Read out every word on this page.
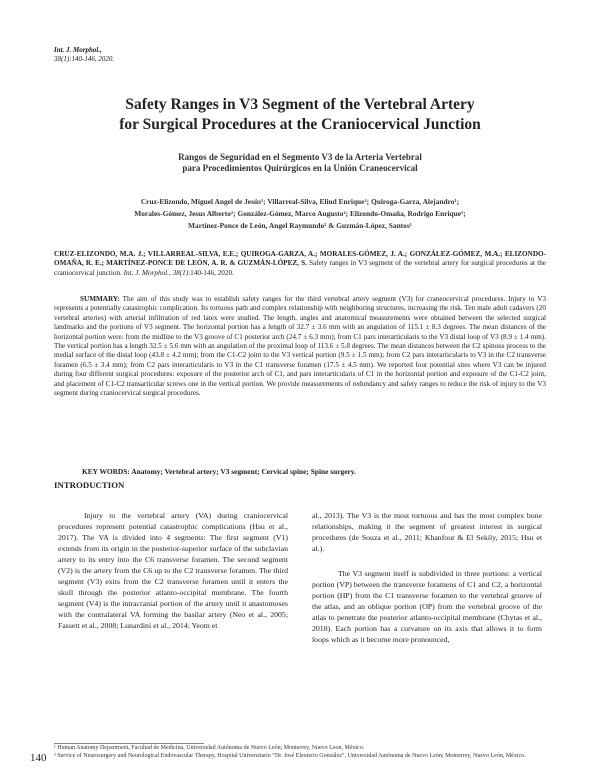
Int. J. Morphol.,
38(1):140-146, 2020.
Safety Ranges in V3 Segment of the Vertebral Artery
for Surgical Procedures at the Craniocervical Junction
Rangos de Seguridad en el Segmento V3 de la Arteria Vertebral
para Procedimientos Quirúrgicos en la Unión Craneocervical
Cruz-Elizondo, Miguel Angel de Jesús¹; Villarreal-Silva, Eliud Enrique²; Quiroga-Garza, Alejandro¹;
Morales-Gómez, Jesus Alberto²; González-Gómez, Marco Augusto²; Elizondo-Omaña, Rodrigo Enrique¹;
Martínez-Ponce de León, Angel Raymundo² & Guzmán-López, Santos¹
CRUZ-ELIZONDO, M.A. J.; VILLARREAL-SILVA, E.E.; QUIROGA-GARZA, A.; MORALES-GÓMEZ, J. A.; GONZÁLEZ-GÓMEZ, M.A.; ELIZONDO-OMAÑA, R. E.; MARTÍNEZ-PONCE DE LEÓN, A. R. & GUZMÁN-LÓPEZ, S. Safety ranges in V3 segment of the vertebral artery for surgical procedures at the craniocervical junction. Int. J. Morphol., 38(1):140-146, 2020.
SUMMARY: The aim of this study was to establish safety ranges for the third vertebral artery segment (V3) for craneocervical procedures. Injury to V3 represents a potentially catastrophic complication. Its tortuous path and complex relationship with neighboring structures, increasing the risk. Ten male adult cadavers (20 vertebral arteries) with arterial infiltration of red latex were studied. The length, angles and anatomical measurements were obtained between the selected surgical landmarks and the portions of V3 segment. The horizontal portion has a length of 32.7 ± 3.6 mm with an angulation of 115.1 ± 8.3 degrees. The mean distances of the horizontal portion were: from the midline to the V3 groove of C1 posterior arch (24.7 ± 6.3 mm); from C1 pars interarticularis to the V3 distal loop of V3 (8.9 ± 1.4 mm). The vertical portion has a length 32.5 ± 5.6 mm with an angulation of the proximal loop of 113.6 ± 5.8 degrees. The mean distances between the C2 spinous process to the medial surface of the distal loop (43.8 ± 4.2 mm); from the C1-C2 joint to the V3 vertical portion (9.5 ± 1.5 mm); from C2 pars interarticularis to V3 in the C2 transverse foramen (6.5 ± 3.4 mm); from C2 pars interarticularis to V3 in the C1 transverse foramen (17.5 ± 4.5 mm). We reported four potential sites where V3 can be injured during four different surgical procedures: exposure of the posterior arch of C1, and pars interarticularis of C1 in the horizontal portion and exposure of the C1-C2 joint, and placement of C1-C2 transarticular screws one in the vertical portion. We provide measurements of redundancy and safety ranges to reduce the risk of injury to the V3 segment during craniocervical surgical procedures.
KEY WORDS: Anatomy; Vertebral artery; V3 segment; Cervical spine; Spine surgery.
INTRODUCTION

Injury to the vertebral artery (VA) during craniocervical procedures represent potential catastrophic complications (Hsu et al., 2017). The VA is divided into 4 segments: The first segment (V1) extends from its origin in the posterior-superior surface of the subclavian artery to its entry into the C6 transverse foramen. The second segment (V2) is the artery from the C6 up to the C2 transverse foramen. The third segment (V3) exits from the C2 transverse foramen until it enters the skull through the posterior atlanto-occipital membrane. The fourth segment (V4) is the intracranial portion of the artery until it anastomoses with the contralateral VA forming the basilar artery (Neo et al., 2005; Fassett et al., 2008; Lunardini et al., 2014; Yeom et

al., 2013). The V3 is the most tortuous and has the most complex bone relationships, making it the segment of greatest interest in surgical procedures (de Souza et al., 2011; Khanfour & El Sekily, 2015; Hsu et al.).

The V3 segment itself is subdivided in three portions: a vertical portion (VP) between the transverse foramens of C1 and C2, a horizontal portion (HP) from the C1 transverse foramen to the vertebral groove of the atlas, and an oblique portion (OP) from the vertebral groove of the atlas to penetrate the posterior atlanto-occipital membrane (Chytas et al., 2018). Each portion has a curvature on its axis that allows it to form loops which as it become more pronounced,

¹ Human Anatomy Department, Facultad de Medicina, Universidad Autónoma de Nuevo León; Monterrey, Nuevo Leon, México.

² Service of Neurosurgery and Neurological Endovascular Therapy, Hospital Universitario “Dr. José Eleuterio González”, Universidad Autónoma de Nuevo León; Monterrey, Nuevo León, México.

140
